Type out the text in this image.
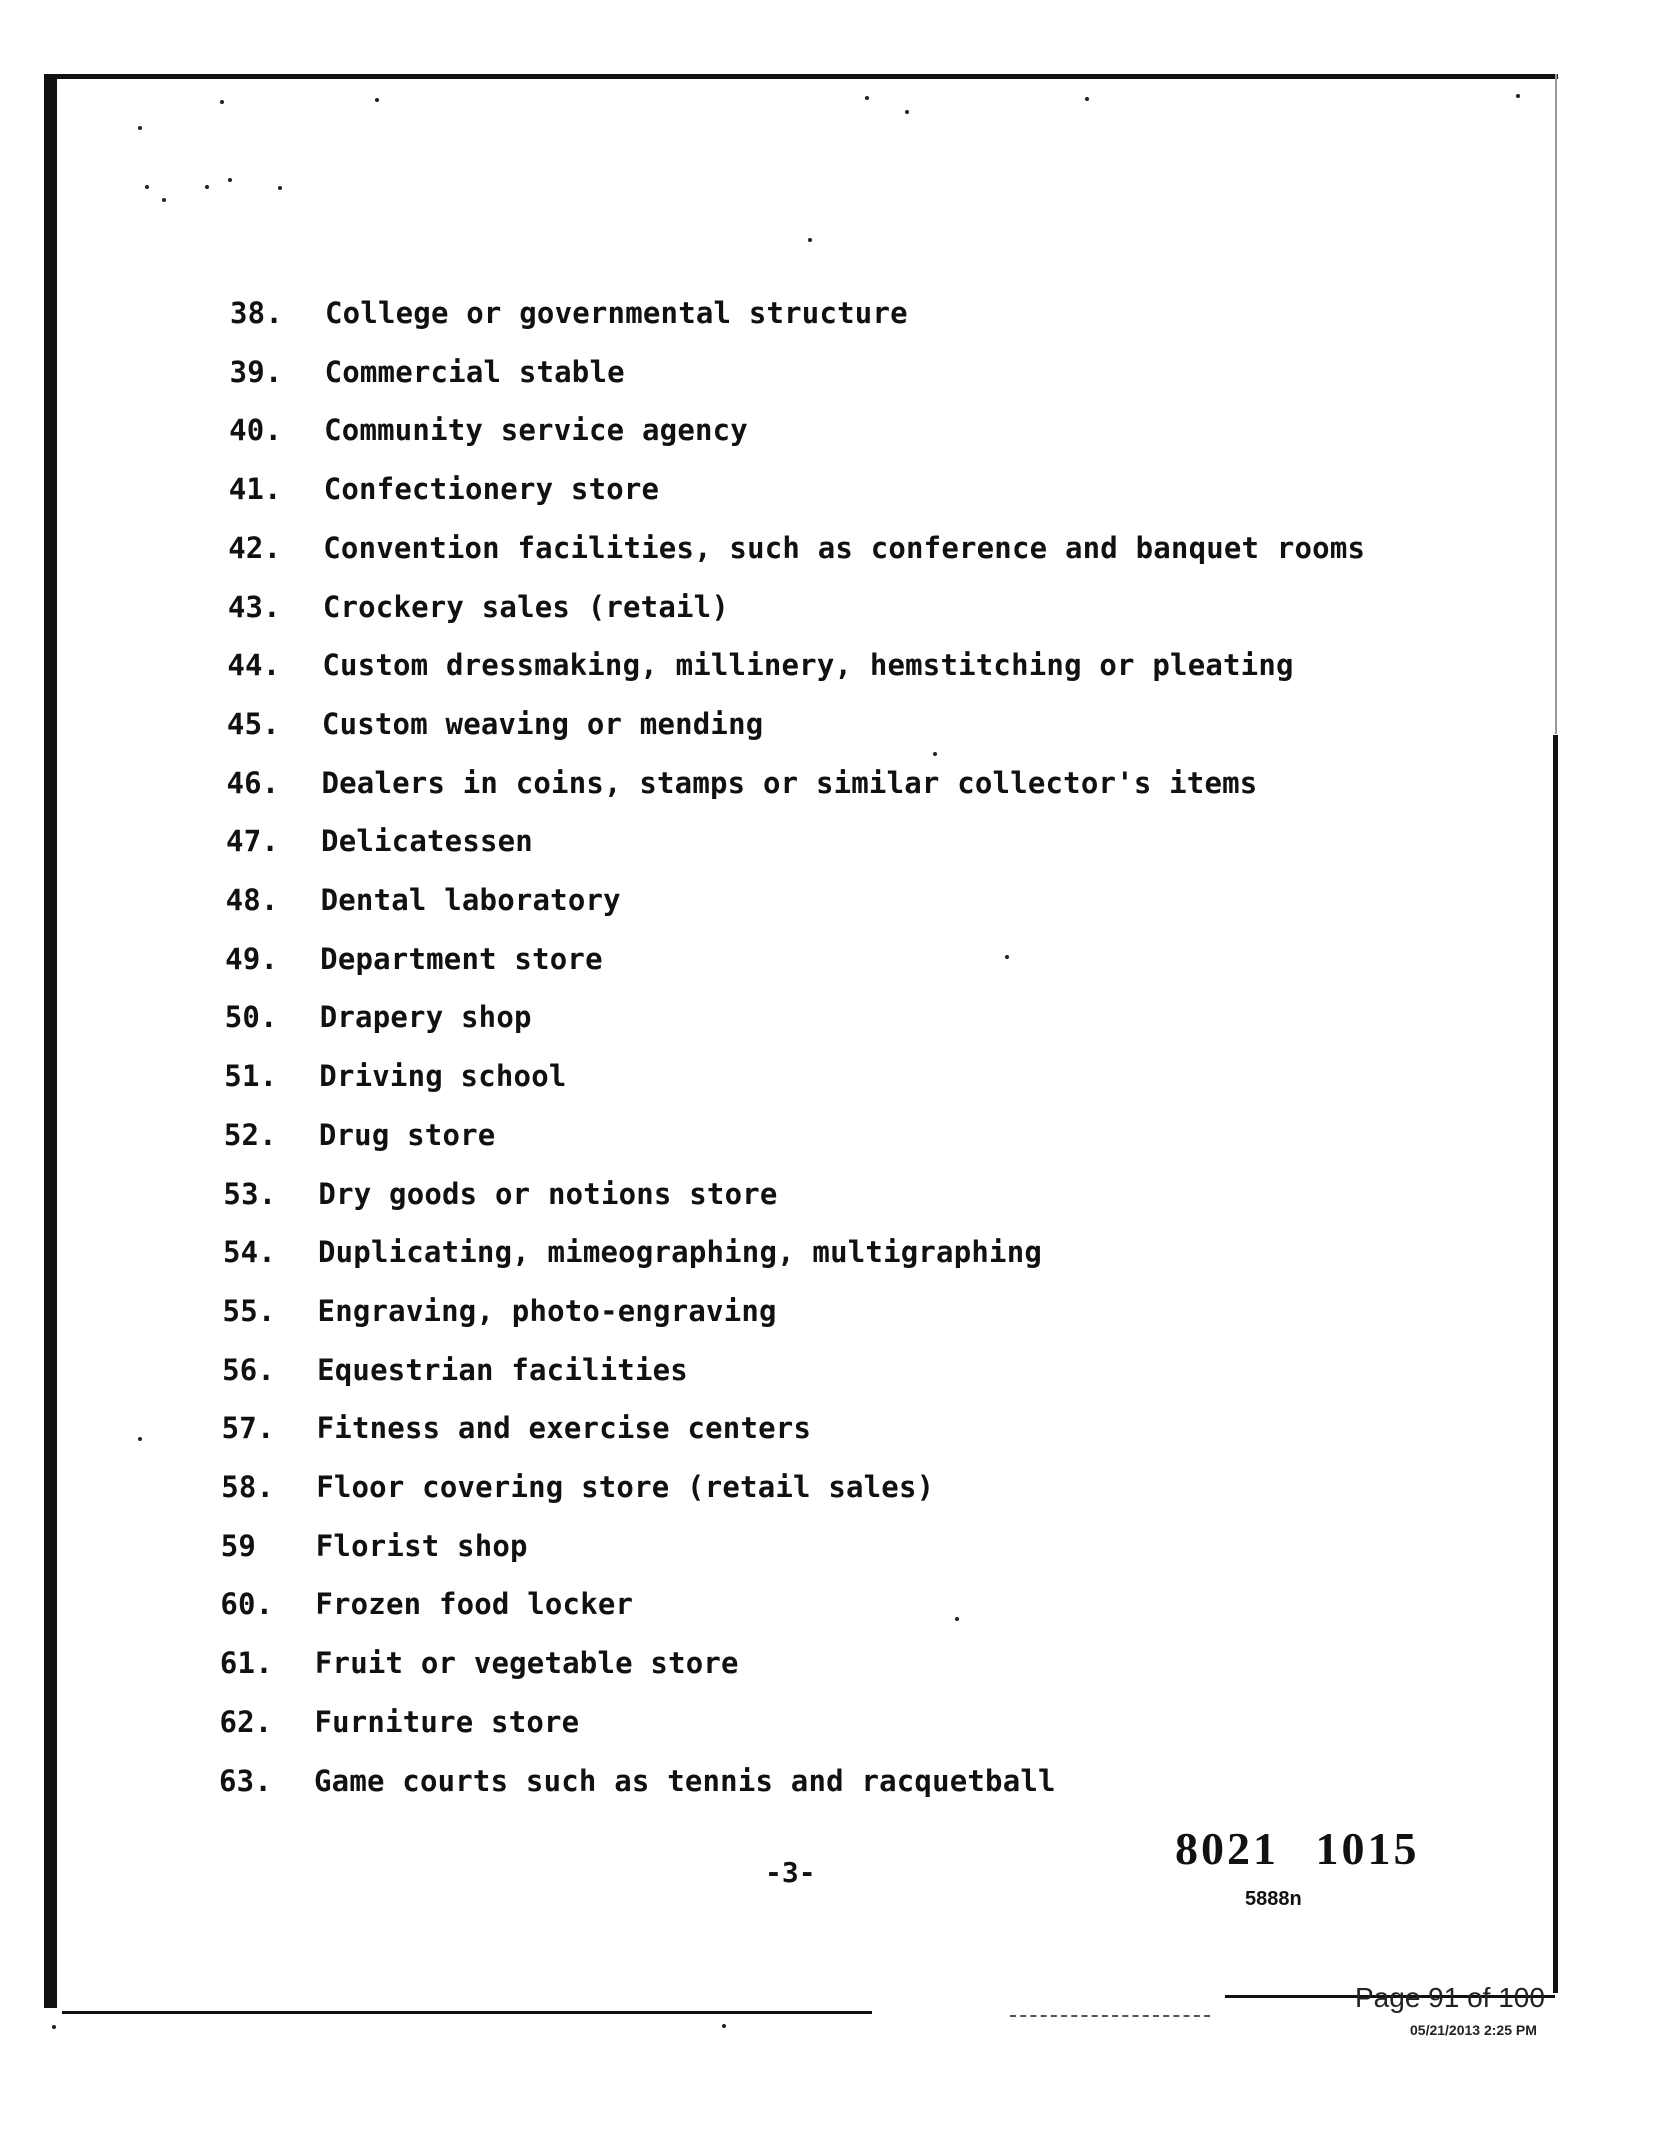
38.	College or governmental structure
39.	Commercial stable
40.	Community service agency
41.	Confectionery store
42.	Convention facilities, such as conference and banquet rooms
43.	Crockery sales (retail)
44.	Custom dressmaking, millinery, hemstitching or pleating
45.	Custom weaving or mending
46.	Dealers in coins, stamps or similar collector's items
47.	Delicatessen
48.	Dental laboratory
49.	Department store
50.	Drapery shop
51.	Driving school
52.	Drug store
53.	Dry goods or notions store
54.	Duplicating, mimeographing, multigraphing
55.	Engraving, photo-engraving
56.	Equestrian facilities
57.	Fitness and exercise centers
58.	Floor covering store (retail sales)
59	Florist shop
60.	Frozen food locker
61.	Fruit or vegetable store
62.	Furniture store
63.	Game courts such as tennis and racquetball
-3-	8021 1015
5888n
Page 91 of 100
05/21/2013 2:25 PM
